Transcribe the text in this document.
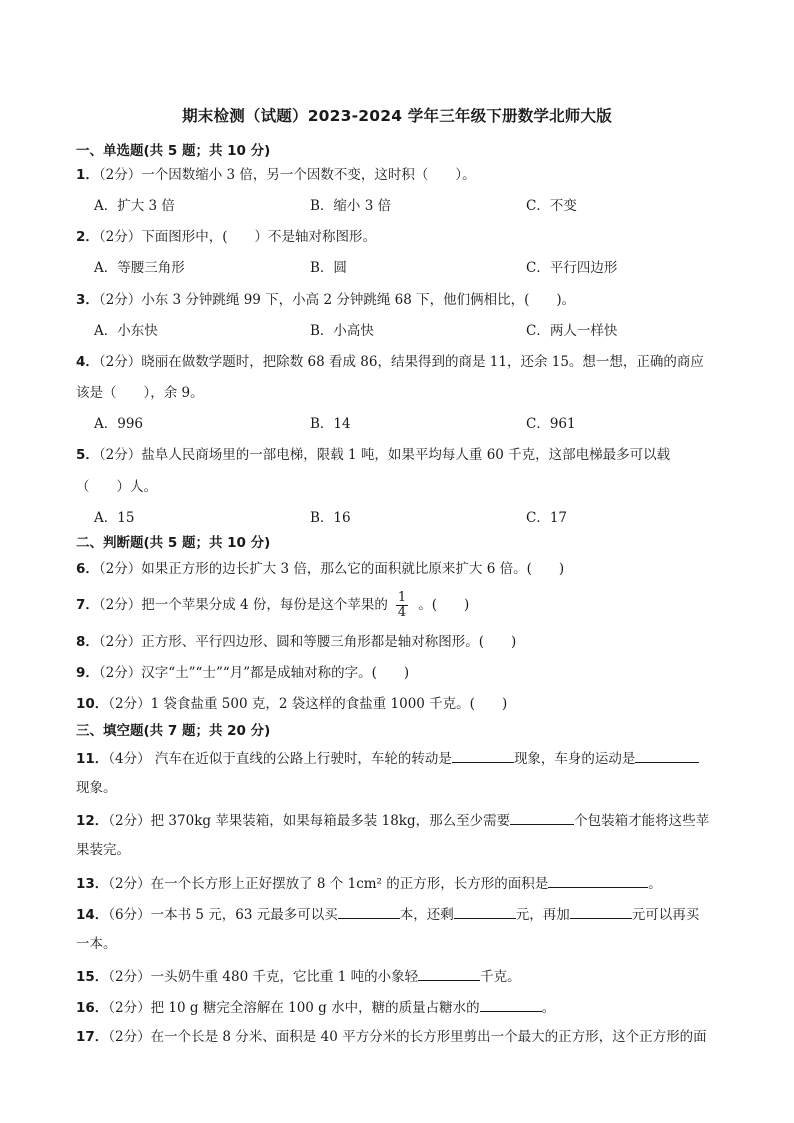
期末检测（试题）2023-2024 学年三年级下册数学北师大版
一、单选题(共 5 题；共 10 分)
1．（2分）一个因数缩小 3 倍，另一个因数不变，这时积（　　）。
A．扩大 3 倍	B．缩小 3 倍	C．不变
2．（2分）下面图形中，(　　）不是轴对称图形。
A．等腰三角形	B．圆	C．平行四边形
3．（2分）小东 3 分钟跳绳 99 下，小高 2 分钟跳绳 68 下，他们俩相比，(　　)。
A．小东快	B．小高快	C．两人一样快
4．（2分）晓丽在做数学题时，把除数 68 看成 86，结果得到的商是 11，还余 15。想一想，正确的商应
该是（　　），余 9。
A．996	B．14	C．961
5．（2分）盐阜人民商场里的一部电梯，限载 1 吨，如果平均每人重 60 千克，这部电梯最多可以载
（　　）人。
A．15	B．16	C．17
二、判断题(共 5 题；共 10 分)
6．（2分）如果正方形的边长扩大 3 倍，那么它的面积就比原来扩大 6 倍。(　　)
7．（2分）把一个苹果分成 4 份，每份是这个苹果的 $\frac{1}{4}$ 。(　　)
8．（2分）正方形、平行四边形、圆和等腰三角形都是轴对称图形。(　　)
9．（2分）汉字“土”“士”“月”都是成轴对称的字。(　　)
10．（2分）1 袋食盐重 500 克，2 袋这样的食盐重 1000 千克。(　　)
三、填空题(共 7 题；共 20 分)
11．（4分） 汽车在近似于直线的公路上行驶时，车轮的转动是	现象，车身的运动是
现象。
12．（2分）把 370kg 苹果装箱，如果每箱最多装 18kg，那么至少需要	个包装箱才能将这些苹
果装完。
13．（2分）在一个长方形上正好摆放了 8 个 1cm² 的正方形，长方形的面积是	。
14．（6分）一本书 5 元，63 元最多可以买	本，还剩	元，再加	元可以再买
一本。
15．（2分）一头奶牛重 480 千克，它比重 1 吨的小象轻	千克。
16．（2分）把 10 g 糖完全溶解在 100 g 水中，糖的质量占糖水的	。
17．（2分）在一个长是 8 分米、面积是 40 平方分米的长方形里剪出一个最大的正方形，这个正方形的面
